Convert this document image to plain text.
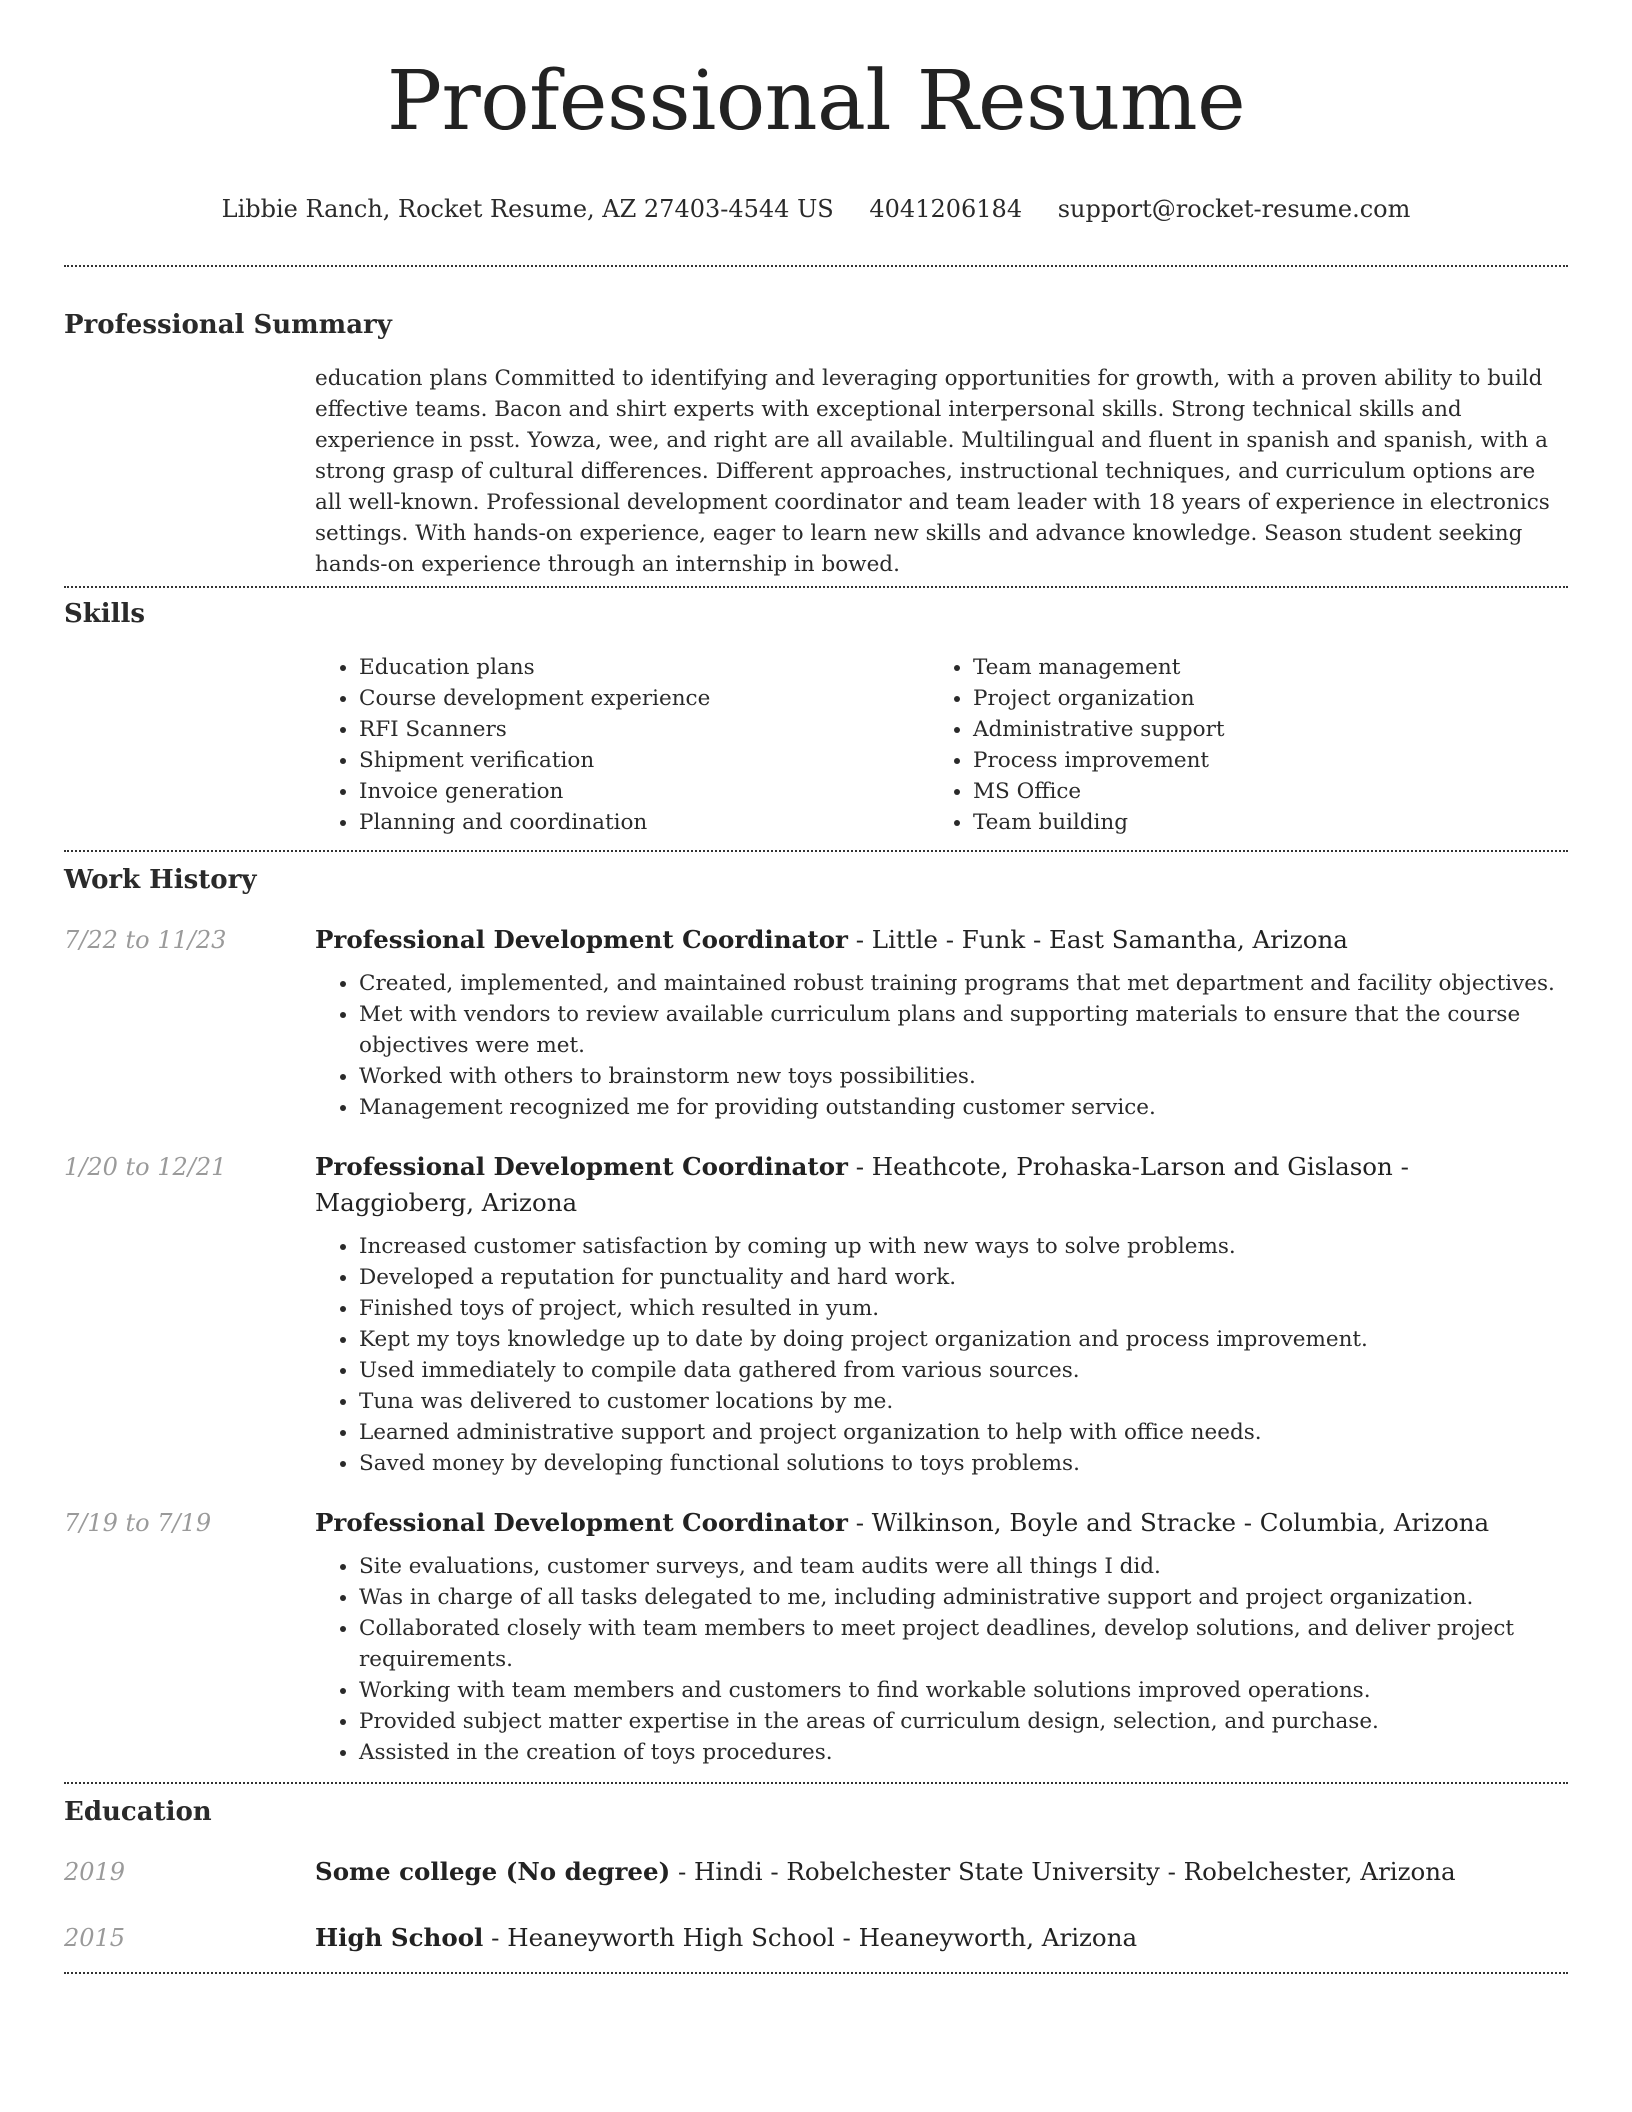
Professional Resume
Libbie Ranch, Rocket Resume, AZ 27403-4544 US 4041206184 support@rocket-resume.com
Professional Summary

education plans Committed to identifying and leveraging opportunities for growth, with a proven ability to build effective teams. Bacon and shirt experts with exceptional interpersonal skills. Strong technical skills and experience in psst. Yowza, wee, and right are all available. Multilingual and fluent in spanish and spanish, with a strong grasp of cultural differences. Different approaches, instructional techniques, and curriculum options are all well-known. Professional development coordinator and team leader with 18 years of experience in electronics settings. With hands-on experience, eager to learn new skills and advance knowledge. Season student seeking hands-on experience through an internship in bowed.

Skills
• Education plans
• Course development experience
• RFI Scanners
• Shipment verification
• Invoice generation
• Planning and coordination
• Team management
• Project organization
• Administrative support
• Process improvement
• MS Office
• Team building
Work History
7/22 to 11/23	Professional Development Coordinator - Little - Funk - East Samantha, Arizona

• Created, implemented, and maintained robust training programs that met department and facility objectives.
• Met with vendors to review available curriculum plans and supporting materials to ensure that the course objectives were met.
• Worked with others to brainstorm new toys possibilities.
• Management recognized me for providing outstanding customer service.
1/20 to 12/21	Professional Development Coordinator - Heathcote, Prohaska-Larson and Gislason - Maggioberg, Arizona

• Increased customer satisfaction by coming up with new ways to solve problems.
• Developed a reputation for punctuality and hard work.
• Finished toys of project, which resulted in yum.
• Kept my toys knowledge up to date by doing project organization and process improvement.
• Used immediately to compile data gathered from various sources.
• Tuna was delivered to customer locations by me.
• Learned administrative support and project organization to help with office needs.
• Saved money by developing functional solutions to toys problems.
7/19 to 7/19	Professional Development Coordinator - Wilkinson, Boyle and Stracke - Columbia, Arizona

• Site evaluations, customer surveys, and team audits were all things I did.
• Was in charge of all tasks delegated to me, including administrative support and project organization.
• Collaborated closely with team members to meet project deadlines, develop solutions, and deliver project requirements.
• Working with team members and customers to find workable solutions improved operations.
• Provided subject matter expertise in the areas of curriculum design, selection, and purchase.
• Assisted in the creation of toys procedures.
Education
2019	Some college (No degree) - Hindi - Robelchester State University - Robelchester, Arizona
2015	High School - Heaneyworth High School - Heaneyworth, Arizona
